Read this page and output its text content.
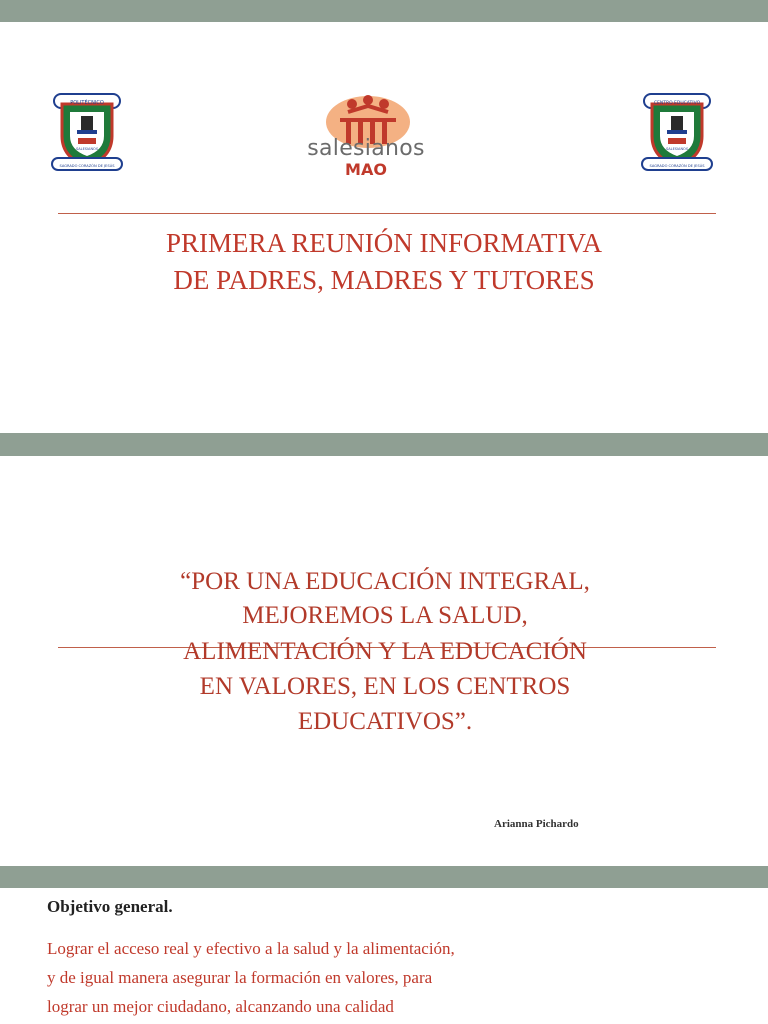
POLITÉCNICO
SALESIANOS
SAGRADO CORAZÓN DE JESÚS
salesianos
MAO
CENTRO EDUCATIVO
SALESIANOS
SAGRADO CORAZÓN DE JESÚS
PRIMERA REUNIÓN INFORMATIVA
DE PADRES, MADRES Y TUTORES
“POR UNA EDUCACIÓN INTEGRAL,
MEJOREMOS LA SALUD,
ALIMENTACIÓN Y LA EDUCACIÓN
EN VALORES, EN LOS CENTROS
EDUCATIVOS”.
Arianna Pichardo
Objetivo general.
Lograr el acceso real y efectivo a la salud y la alimentación,
y de igual manera asegurar la formación en valores, para
lograr un mejor ciudadano, alcanzando una calidad
